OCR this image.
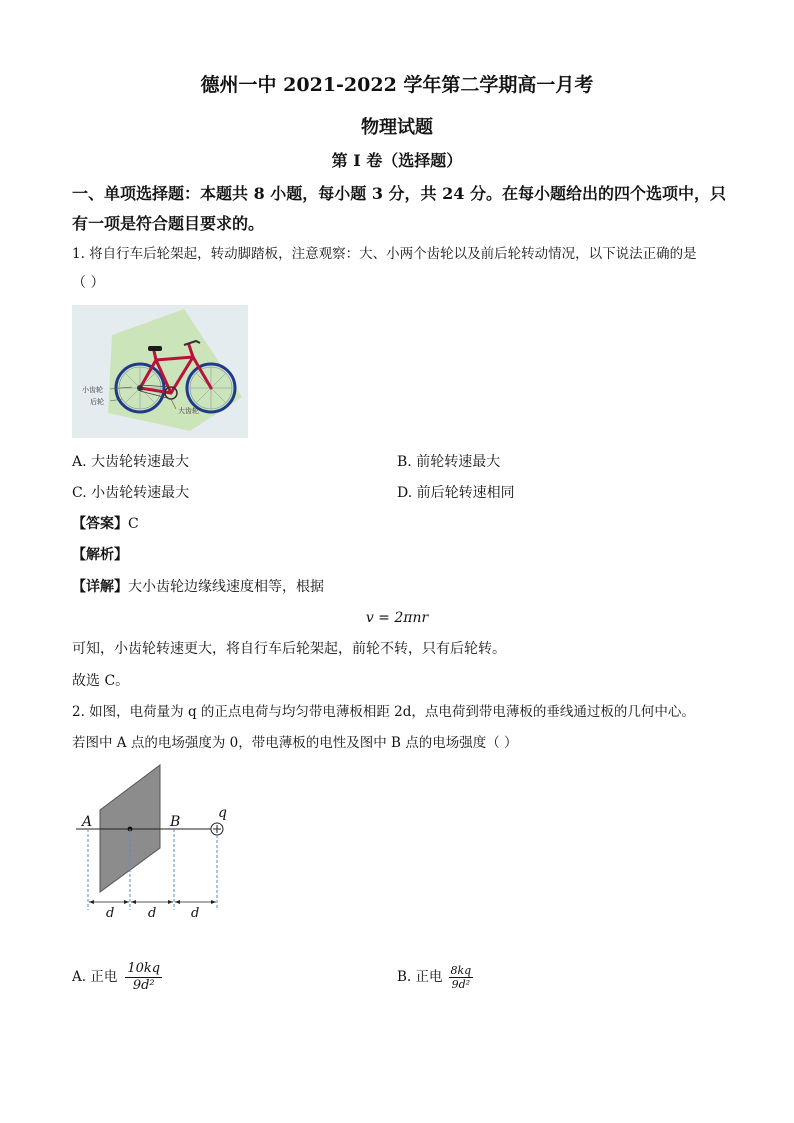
德州一中 2021-2022 学年第二学期高一月考
物理试题
第 I 卷（选择题）
一、单项选择题：本题共 8 小题，每小题 3 分，共 24 分。在每小题给出的四个选项中，只
有一项是符合题目要求的。
1. 将自行车后轮架起，转动脚踏板，注意观察：大、小两个齿轮以及前后轮转动情况，以下说法正确的是
（ ）
小齿轮
后轮
大齿轮
A. 大齿轮转速最大	B. 前轮转速最大
C. 小齿轮转速最大	D. 前后轮转速相同
【答案】C
【解析】
【详解】大小齿轮边缘线速度相等，根据
v = 2πnr
可知，小齿轮转速更大，将自行车后轮架起，前轮不转，只有后轮转。
故选 C。
2. 如图，电荷量为 q 的正点电荷与均匀带电薄板相距 2d，点电荷到带电薄板的垂线通过板的几何中心。
若图中 A 点的电场强度为 0，带电薄板的电性及图中 B 点的电场强度（ ）
A	B
q
d	d	d
A. 正电 $\frac{10kq}{\text{9d²}}$	B. 正电 $\frac{8kq}{\text{9d²}}$
